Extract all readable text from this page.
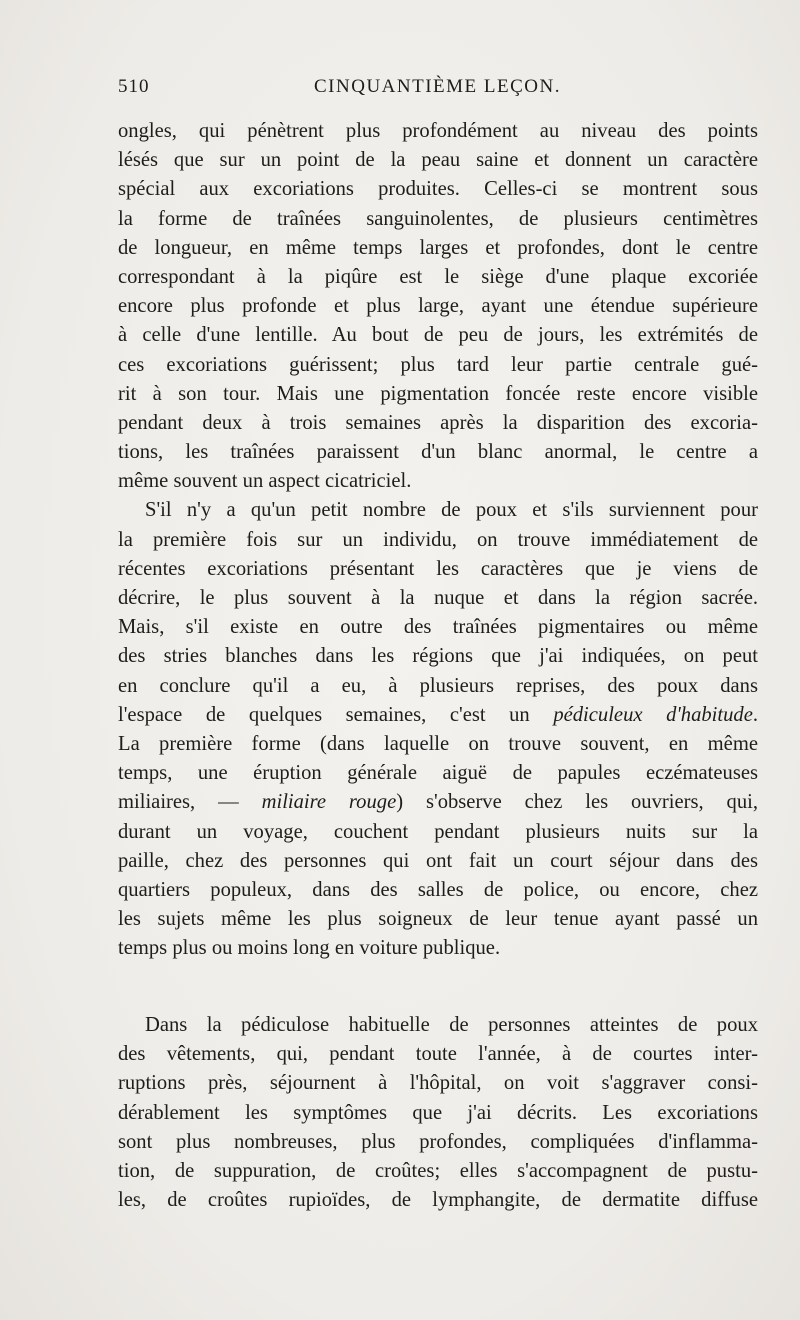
510	CINQUANTIÈME LEÇON.
ongles, qui pénètrent plus profondément au niveau des points
lésés que sur un point de la peau saine et donnent un caractère
spécial aux excoriations produites. Celles-ci se montrent sous
la forme de traînées sanguinolentes, de plusieurs centimètres
de longueur, en même temps larges et profondes, dont le centre
correspondant à la piqûre est le siège d'une plaque excoriée
encore plus profonde et plus large, ayant une étendue supérieure
à celle d'une lentille. Au bout de peu de jours, les extrémités de
ces excoriations guérissent; plus tard leur partie centrale gué-
rit à son tour. Mais une pigmentation foncée reste encore visible
pendant deux à trois semaines après la disparition des excoria-
tions, les traînées paraissent d'un blanc anormal, le centre a
même souvent un aspect cicatriciel.
S'il n'y a qu'un petit nombre de poux et s'ils surviennent pour
la première fois sur un individu, on trouve immédiatement de
récentes excoriations présentant les caractères que je viens de
décrire, le plus souvent à la nuque et dans la région sacrée.
Mais, s'il existe en outre des traînées pigmentaires ou même
des stries blanches dans les régions que j'ai indiquées, on peut
en conclure qu'il a eu, à plusieurs reprises, des poux dans
l'espace de quelques semaines, c'est un pédiculeux d'habitude.
La première forme (dans laquelle on trouve souvent, en même
temps, une éruption générale aiguë de papules eczémateuses
miliaires, — miliaire rouge) s'observe chez les ouvriers, qui,
durant un voyage, couchent pendant plusieurs nuits sur la
paille, chez des personnes qui ont fait un court séjour dans des
quartiers populeux, dans des salles de police, ou encore, chez
les sujets même les plus soigneux de leur tenue ayant passé un
temps plus ou moins long en voiture publique.
Dans la pédiculose habituelle de personnes atteintes de poux
des vêtements, qui, pendant toute l'année, à de courtes inter-
ruptions près, séjournent à l'hôpital, on voit s'aggraver consi-
dérablement les symptômes que j'ai décrits. Les excoriations
sont plus nombreuses, plus profondes, compliquées d'inflamma-
tion, de suppuration, de croûtes; elles s'accompagnent de pustu-
les, de croûtes rupioïdes, de lymphangite, de dermatite diffuse
